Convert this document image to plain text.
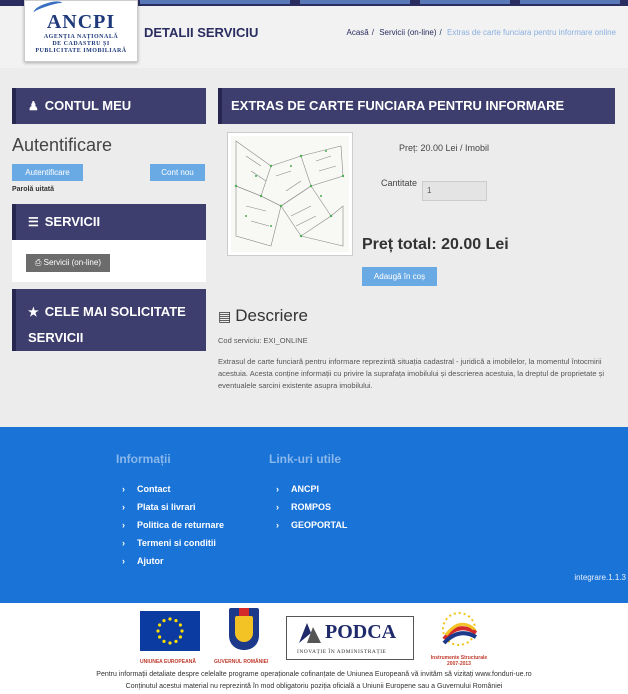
ANCPI
AGENȚIA NAȚIONALĂ
DE CADASTRU ȘI
PUBLICITATE IMOBILIARĂ
DETALII SERVICIU	Acasă / Servicii (on-line) / Extras de carte funciara pentru informare online
♟ CONTUL MEU
Autentificare
Autentificare	Cont nou
Parolă uitată
☰ SERVICII
⎙ Servicii (on-line)
★ CELE MAI SOLICITATE
SERVICII
EXTRAS DE CARTE FUNCIARA PENTRU INFORMARE
Preț: 20.00 Lei / Imobil
Cantitate
1
Preț total: 20.00 Lei
Adaugă în coș
▤ Descriere
Cod serviciu: EXI_ONLINE
Extrasul de carte funciară pentru informare reprezintă situația cadastral - juridică a imobilelor, la momentul întocmirii acestuia. Acesta conține informații cu privire la suprafața imobilului și descrierea acestuia, la dreptul de proprietate și eventualele sarcini existente asupra imobilului.
Informații
› Contact
› Plata si livrari
› Politica de returnare
› Termeni si conditii
› Ajutor
Link-uri utile
› ANCPI
› ROMPOS
› GEOPORTAL
integrare.1.1.3
UNIUNEA EUROPEANĂ	GUVERNUL ROMÂNIEI
PODCA
INOVAȚIE ÎN ADMINISTRAȚIE
Instrumente Structurale
2007-2013
Pentru informații detaliate despre celelalte programe operaționale cofinanțate de Uniunea Europeană vă invităm să vizitați www.fonduri-ue.ro
Conținutul acestui material nu reprezintă în mod obligatoriu poziția oficială a Uniunii Europene sau a Guvernului României
